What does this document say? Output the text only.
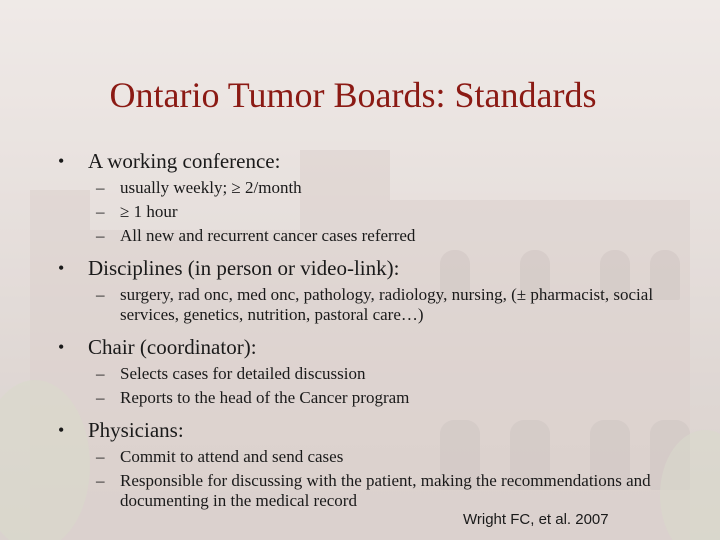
Ontario Tumor Boards: Standards
• A working conference:
– usually weekly; ≥ 2/month
– ≥ 1 hour
– All new and recurrent cancer cases referred
• Disciplines (in person or video-link):
– surgery, rad onc, med onc, pathology, radiology, nursing, (± pharmacist, social services, genetics, nutrition, pastoral care…)
• Chair (coordinator):
– Selects cases for detailed discussion
– Reports to the head of the Cancer program
• Physicians:
– Commit to attend and send cases
– Responsible for discussing with the patient, making the recommendations and documenting in the medical record
Wright FC, et al. 2007
